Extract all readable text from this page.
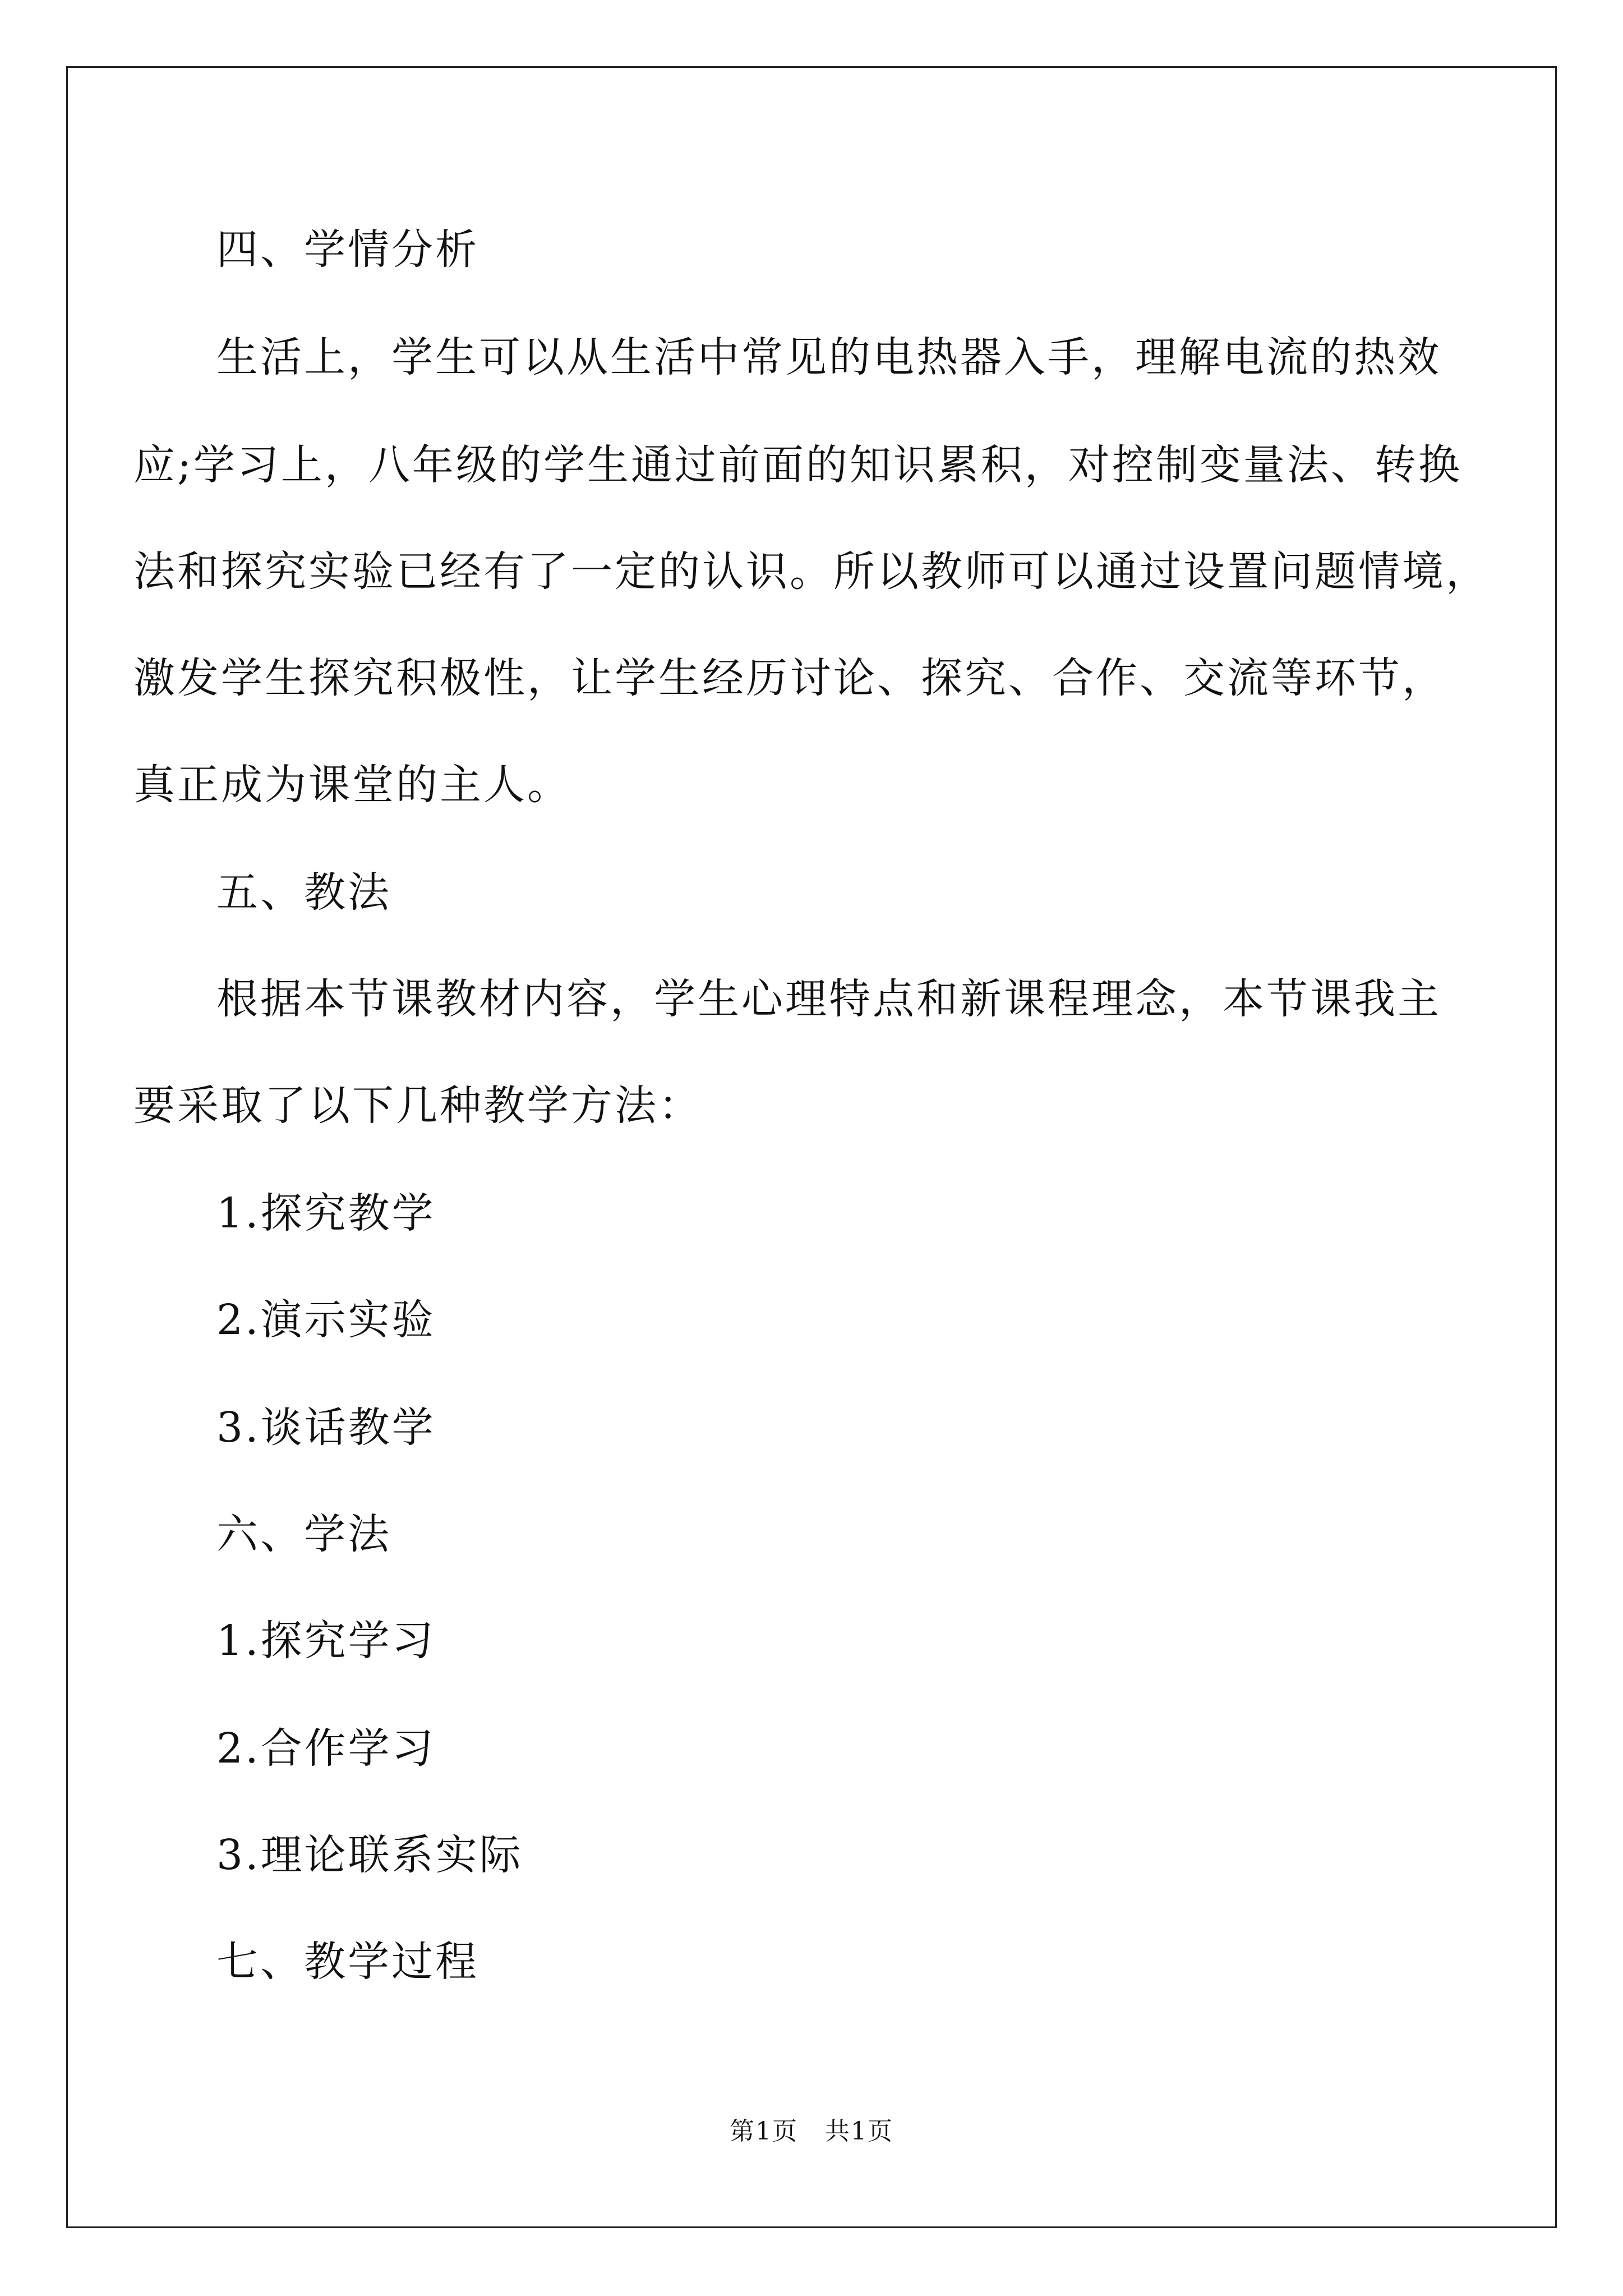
四、学情分析
生活上，学生可以从生活中常见的电热器入手，理解电流的热效
应;学习上，八年级的学生通过前面的知识累积，对控制变量法、转换
法和探究实验已经有了一定的认识。所以教师可以通过设置问题情境，
激发学生探究积极性，让学生经历讨论、探究、合作、交流等环节，
真正成为课堂的主人。
五、教法
根据本节课教材内容，学生心理特点和新课程理念，本节课我主
要采取了以下几种教学方法：
1.探究教学
2.演示实验
3.谈话教学
六、学法
1.探究学习
2.合作学习
3.理论联系实际
七、教学过程
第1页   共1页
